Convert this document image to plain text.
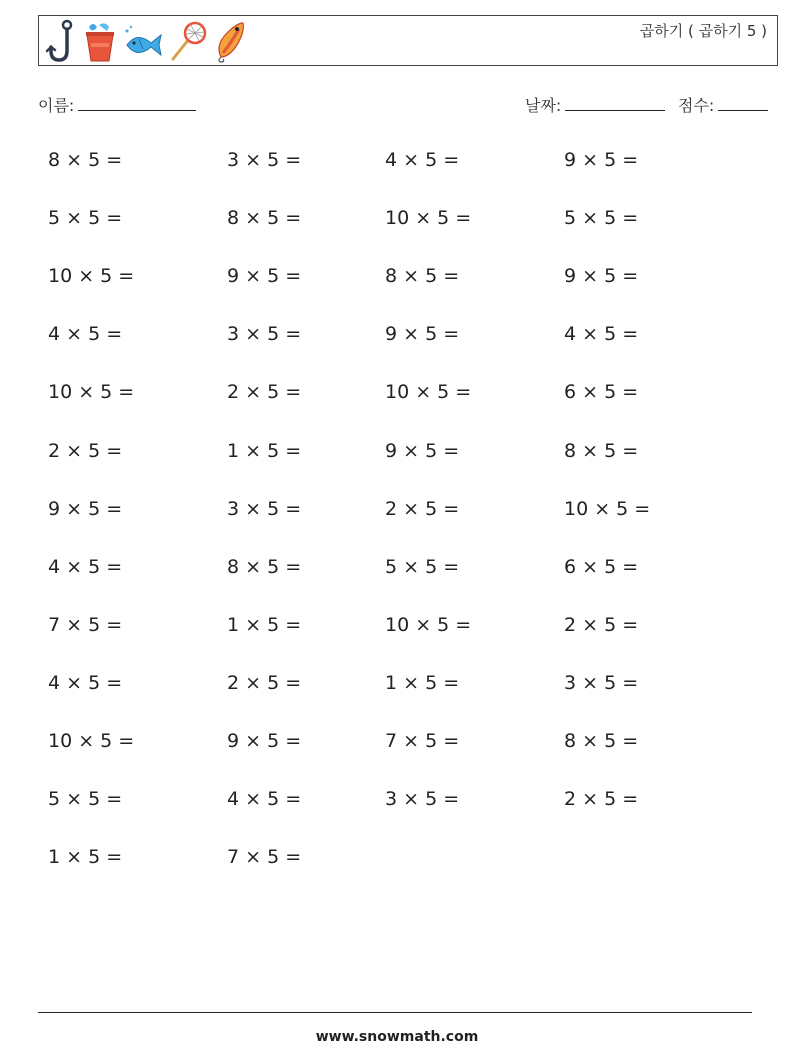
곱하기 ( 곱하기 5 )
이름:	날짜:	점수:
8 × 5 =	3 × 5 =	4 × 5 =	9 × 5 =
5 × 5 =	8 × 5 =	10 × 5 =	5 × 5 =
10 × 5 =	9 × 5 =	8 × 5 =	9 × 5 =
4 × 5 =	3 × 5 =	9 × 5 =	4 × 5 =
10 × 5 =	2 × 5 =	10 × 5 =	6 × 5 =
2 × 5 =	1 × 5 =	9 × 5 =	8 × 5 =
9 × 5 =	3 × 5 =	2 × 5 =	10 × 5 =
4 × 5 =	8 × 5 =	5 × 5 =	6 × 5 =
7 × 5 =	1 × 5 =	10 × 5 =	2 × 5 =
4 × 5 =	2 × 5 =	1 × 5 =	3 × 5 =
10 × 5 =	9 × 5 =	7 × 5 =	8 × 5 =
5 × 5 =	4 × 5 =	3 × 5 =	2 × 5 =
1 × 5 =	7 × 5 =
www.snowmath.com
